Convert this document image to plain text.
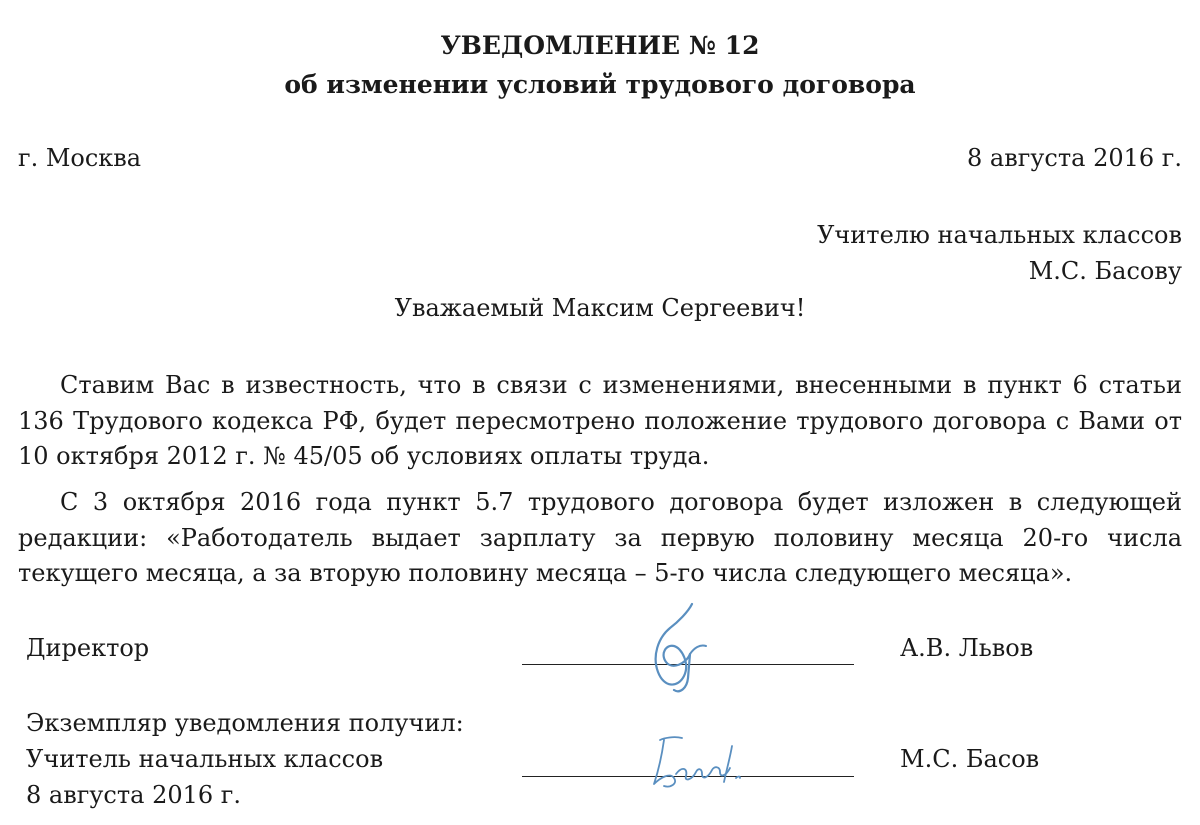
УВЕДОМЛЕНИЕ № 12
об изменении условий трудового договора
г. Москва	8 августа 2016 г.
Учителю начальных классов
М.С. Басову
Уважаемый Максим Сергеевич!
Ставим Вас в известность, что в связи с изменениями, внесенными в пункт 6 статьи 136 Трудового кодекса РФ, будет пересмотрено положение трудового договора с Вами от 10 октября 2012 г. № 45/05 об условиях оплаты труда.
С 3 октября 2016 года пункт 5.7 трудового договора будет изложен в следующей редакции: «Работодатель выдает зарплату за первую половину месяца 20-го числа текущего месяца, а за вторую половину месяца – 5-го числа следующего месяца».
Директор	А.В. Львов
Экземпляр уведомления получил:
Учитель начальных классов
8 августа 2016 г.
М.С. Басов
